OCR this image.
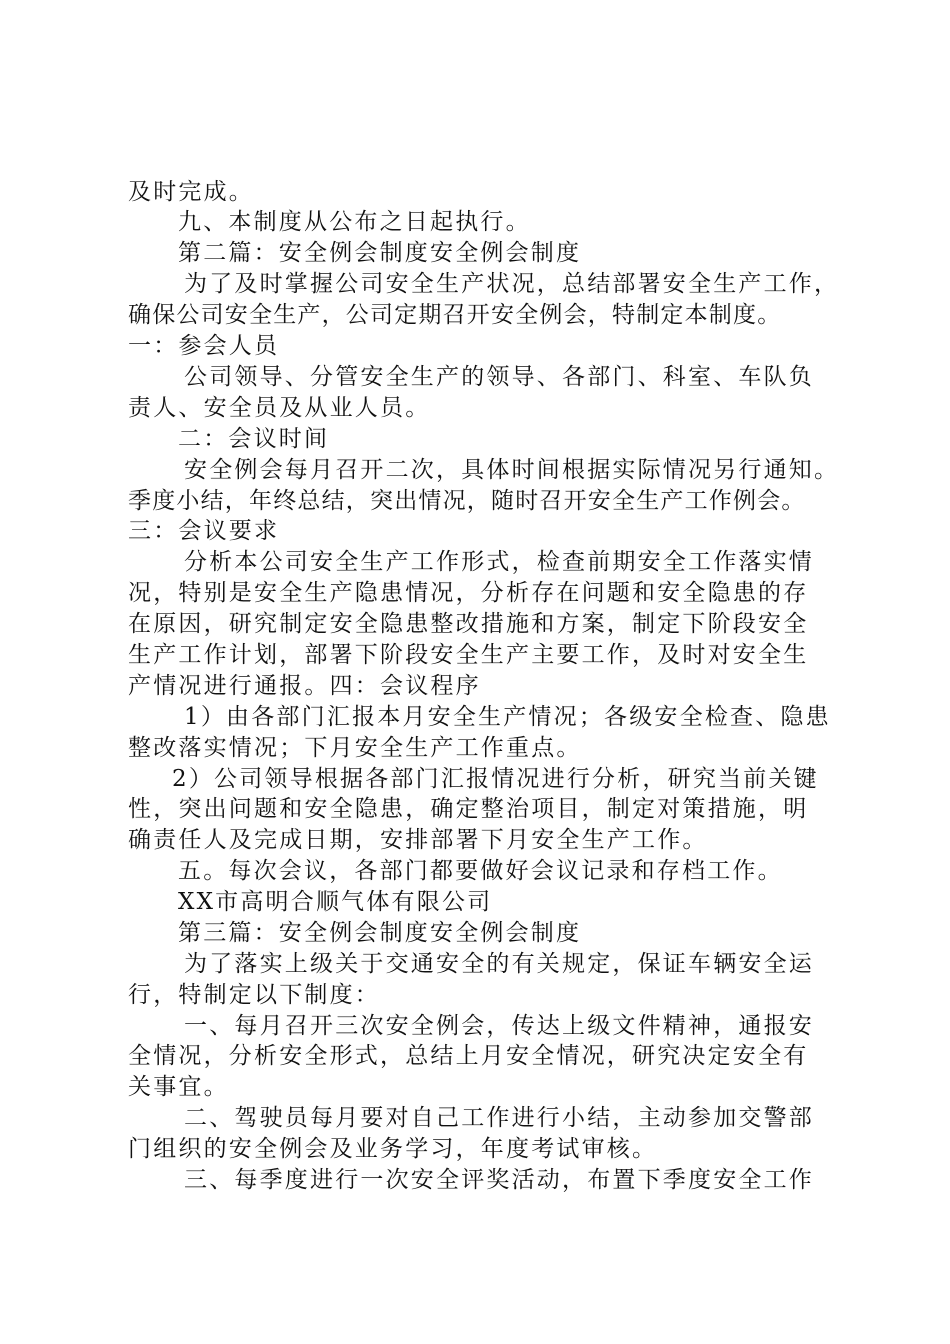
及时完成。
九、本制度从公布之日起执行。
第二篇：安全例会制度安全例会制度
为了及时掌握公司安全生产状况，总结部署安全生产工作，
确保公司安全生产，公司定期召开安全例会，特制定本制度。
一：参会人员
公司领导、分管安全生产的领导、各部门、科室、车队负
责人、安全员及从业人员。
二：会议时间
安全例会每月召开二次，具体时间根据实际情况另行通知。
季度小结，年终总结，突出情况，随时召开安全生产工作例会。
三：会议要求
分析本公司安全生产工作形式，检查前期安全工作落实情
况，特别是安全生产隐患情况，分析存在问题和安全隐患的存
在原因，研究制定安全隐患整改措施和方案，制定下阶段安全
生产工作计划，部署下阶段安全生产主要工作，及时对安全生
产情况进行通报。四：会议程序
1）由各部门汇报本月安全生产情况；各级安全检查、隐患
整改落实情况；下月安全生产工作重点。
2）公司领导根据各部门汇报情况进行分析，研究当前关键
性，突出问题和安全隐患，确定整治项目，制定对策措施，明
确责任人及完成日期，安排部署下月安全生产工作。
五。每次会议，各部门都要做好会议记录和存档工作。
XX市高明合顺气体有限公司
第三篇：安全例会制度安全例会制度
为了落实上级关于交通安全的有关规定，保证车辆安全运
行，特制定以下制度：
一、每月召开三次安全例会，传达上级文件精神，通报安
全情况，分析安全形式，总结上月安全情况，研究决定安全有
关事宜。
二、驾驶员每月要对自己工作进行小结，主动参加交警部
门组织的安全例会及业务学习，年度考试审核。
三、每季度进行一次安全评奖活动，布置下季度安全工作
